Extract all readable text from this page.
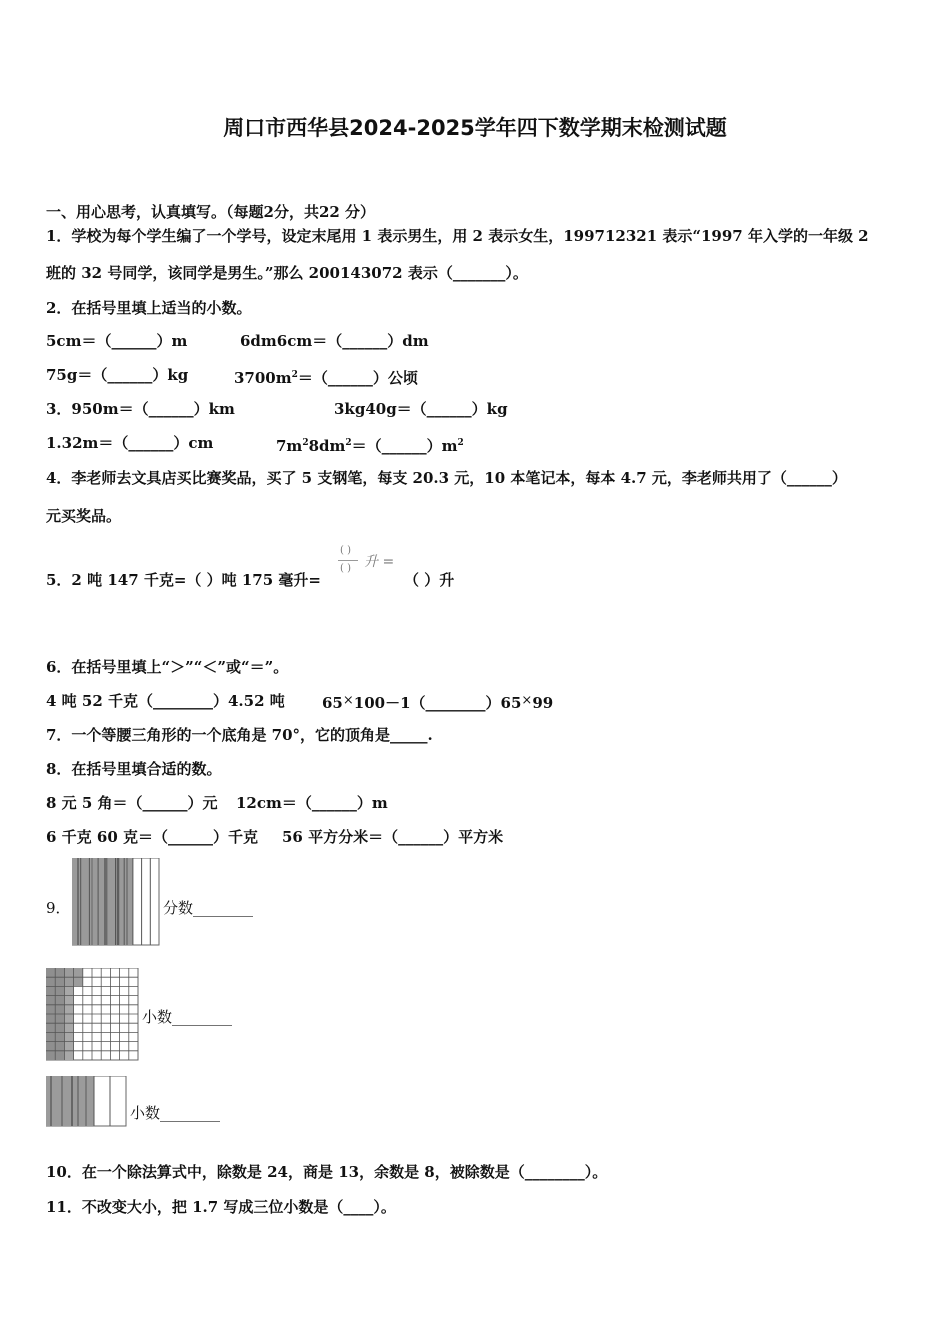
周口市西华县2024-2025学年四下数学期末检测试题
一、用心思考，认真填写。（每题2分，共22 分）
1．学校为每个学生编了一个学号，设定末尾用 1 表示男生，用 2 表示女生，199712321 表示“1997 年入学的一年级 2
班的 32 号同学，该同学是男生。”那么 200143072 表示（_______）。
2．在括号里填上适当的小数。
5cm＝（______）m	6dm6cm＝（______）dm
75g＝（______）kg	$3700m^2=(\_\_\_\_\_\_)$公顷
3．950m＝（______）km	3kg40g＝（______）kg
1.32m＝（______）cm	$7m^28dm^2=(\_\_\_\_\_\_)m^2$
4．李老师去文具店买比赛奖品，买了 5 支钢笔，每支 20.3 元，10 本笔记本，每本 4.7 元，李老师共用了（______）
元买奖品。
5．2 吨 147 千克=（ ）吨 175 毫升=
( )
( ) 升 =
（ ）升
6．在括号里填上“＞”“＜”或“＝”。
4 吨 52 千克（________）4.52 吨 65×100－1（________）65×99
7．一个等腰三角形的一个底角是 70°，它的顶角是_____.
8．在括号里填合适的数。
8 元 5 角＝（______）元 12cm＝（______）m
6 千克 60 克＝（______）千克 56 平方分米＝（______）平方米
9．	分数________
小数________
小数________
10．在一个除法算式中，除数是 24，商是 13，余数是 8，被除数是（________）。
11．不改变大小，把 1.7 写成三位小数是（____）。
